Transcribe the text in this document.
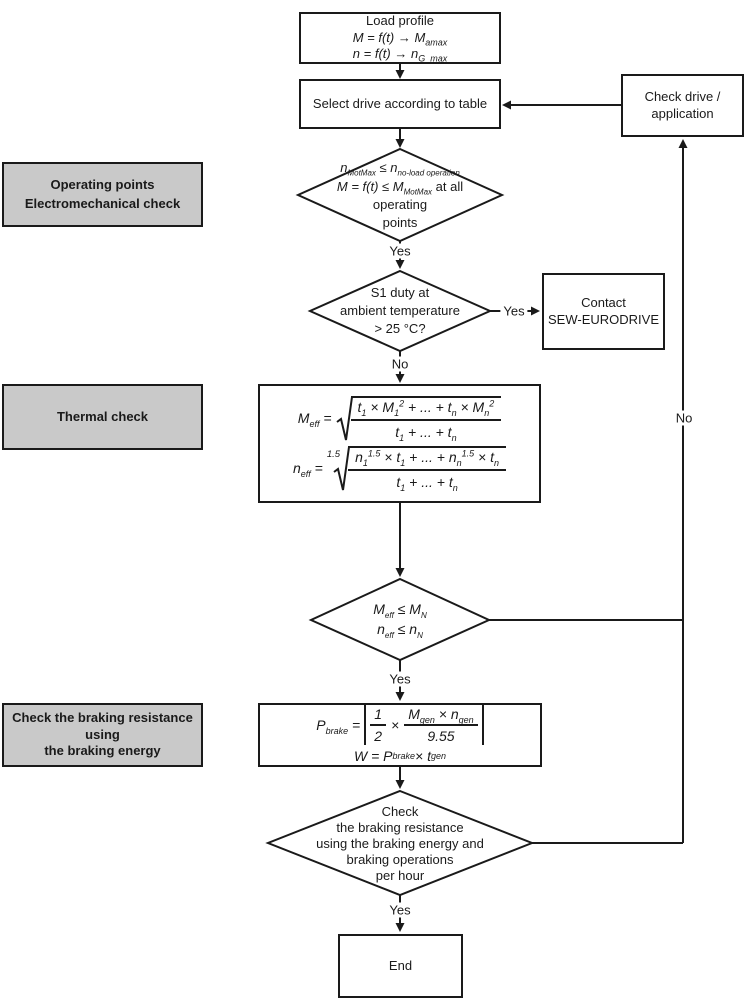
Load profile
$M = f(t) \to M_{amax}$
$n = f(t) \to n_{G\_max}$
Select drive according to table	Check drive /
application
Contact
SEW-EURODRIVE
$M_{eff} = \frac{t_1 \times M_1^2 + ... + t_n \times M_n^2}{t_1 + ... + t_n}$
$n_{eff}$ =
$1.5 \frac{n_1^{1.5} \times t_1 + ... + n_n^{1.5} \times t_n}{t_1 + ... + t_n}$
$P_{brake} = \frac{1}{2} \times \frac{M_{gen} \times n_{gen}}{9.55}$
W = P brake × t gen
End
Operating points
Electromechanical check
Thermal check
Check the braking resistance
using
the braking energy
$n_{MotMax} \le n_{no-load operation}$
$M = f(t) \le M_{MotMax}$ at all
operating
points
S1 duty at
ambient temperature
> 25 °C?
$M_{eff} \le M_N$
$n_{eff} \le n_N$
Check
the braking resistance
using the braking energy and
braking operations
per hour
Yes
Yes
No
Yes
Yes
No
